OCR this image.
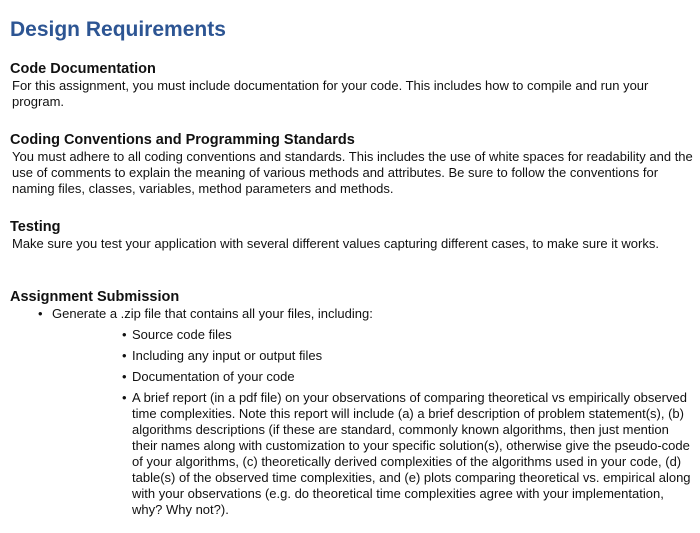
Design Requirements
Code Documentation

For this assignment, you must include documentation for your code. This includes how to compile and run your program.

Coding Conventions and Programming Standards

You must adhere to all coding conventions and standards. This includes the use of white spaces for readability and the use of comments to explain the meaning of various methods and attributes. Be sure to follow the conventions for naming files, classes, variables, method parameters and methods.

Testing

Make sure you test your application with several different values capturing different cases, to make sure it works.

Assignment Submission
• Generate a .zip file that contains all your files, including:
• Source code files
• Including any input or output files
• Documentation of your code
• A brief report (in a pdf file) on your observations of comparing theoretical vs empirically observed time complexities. Note this report will include (a) a brief description of problem statement(s), (b) algorithms descriptions (if these are standard, commonly known algorithms, then just mention their names along with customization to your specific solution(s), otherwise give the pseudo-code of your algorithms, (c) theoretically derived complexities of the algorithms used in your code, (d) table(s) of the observed time complexities, and (e) plots comparing theoretical vs. empirical along with your observations (e.g. do theoretical time complexities agree with your implementation, why? Why not?).
